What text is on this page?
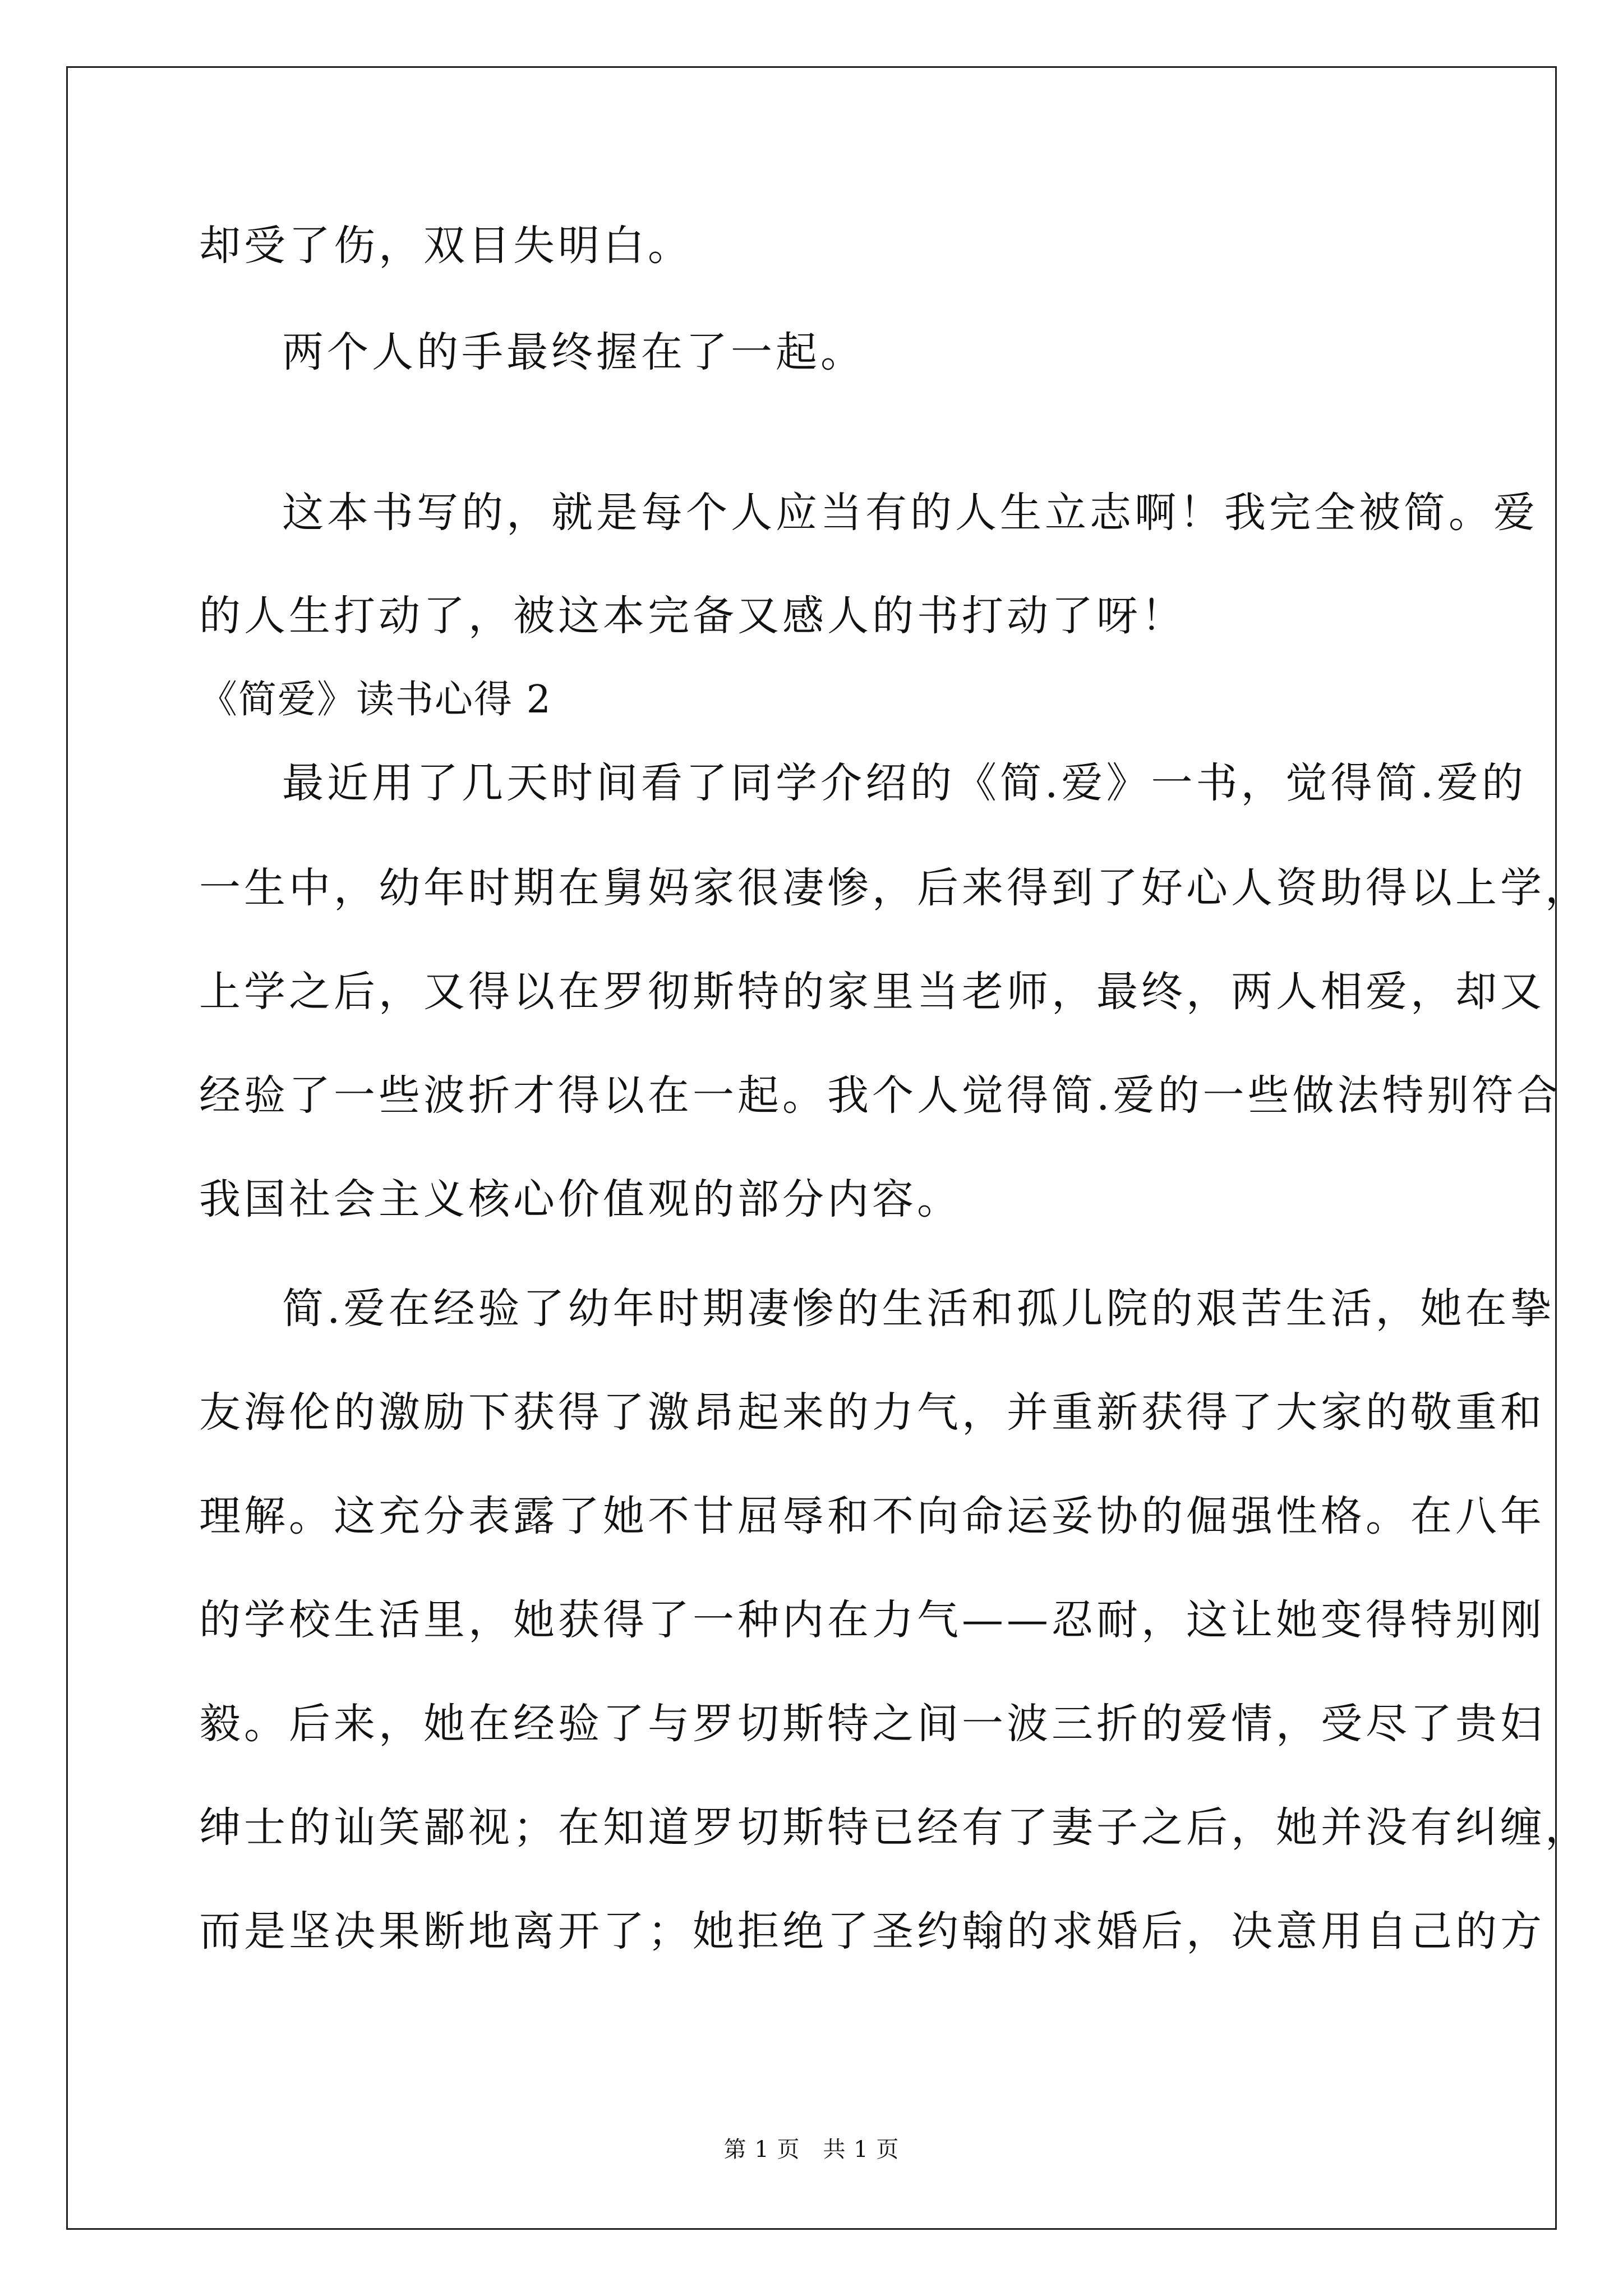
却受了伤，双目失明白。
两个人的手最终握在了一起。
这本书写的，就是每个人应当有的人生立志啊！我完全被简。爱
的人生打动了，被这本完备又感人的书打动了呀！
《简爱》读书心得 2
最近用了几天时间看了同学介绍的《简.爱》一书，觉得简.爱的
一生中，幼年时期在舅妈家很凄惨，后来得到了好心人资助得以上学，
上学之后，又得以在罗彻斯特的家里当老师，最终，两人相爱，却又
经验了一些波折才得以在一起。我个人觉得简.爱的一些做法特别符合
我国社会主义核心价值观的部分内容。
简.爱在经验了幼年时期凄惨的生活和孤儿院的艰苦生活，她在挚
友海伦的激励下获得了激昂起来的力气，并重新获得了大家的敬重和
理解。这充分表露了她不甘屈辱和不向命运妥协的倔强性格。在八年
的学校生活里，她获得了一种内在力气——忍耐，这让她变得特别刚
毅。后来，她在经验了与罗切斯特之间一波三折的爱情，受尽了贵妇
绅士的讪笑鄙视；在知道罗切斯特已经有了妻子之后，她并没有纠缠，
而是坚决果断地离开了；她拒绝了圣约翰的求婚后，决意用自己的方
第 1 页　共 1 页
